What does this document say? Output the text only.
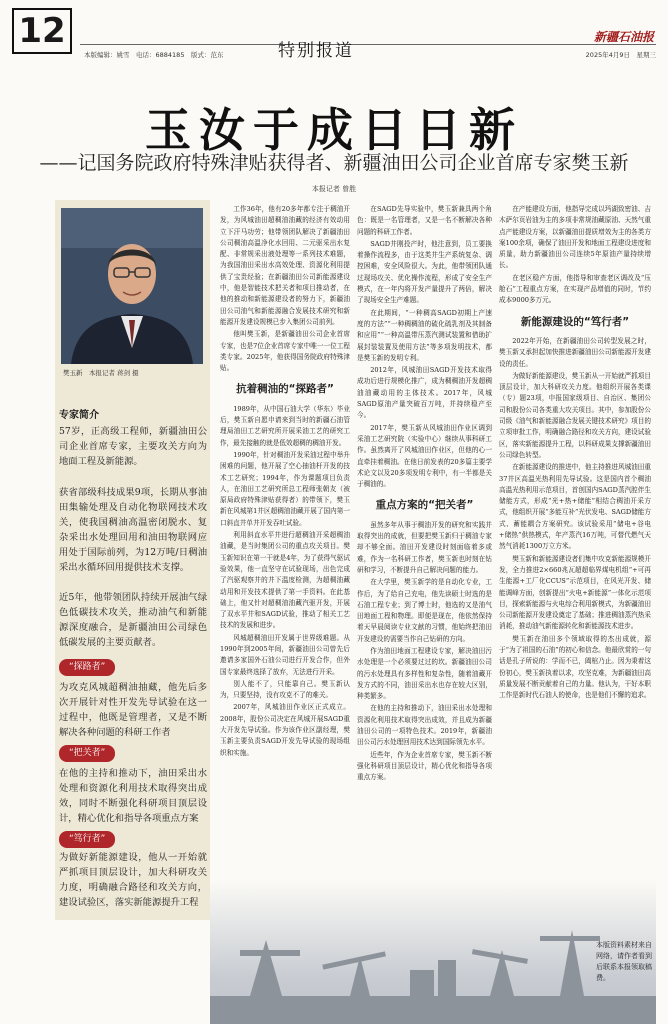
12	特别报道
新疆石油报
本版编辑：姚雪　电话：6884185　版式：范东	2025年4月9日　星期三
玉汝于成日日新
——记国务院政府特殊津贴获得者、新疆油田公司企业首席专家樊玉新
本报记者 曾胜
樊玉新　本报记者 蒋剑 摄
专家简介

57岁，正高级工程师，新疆油田公司企业首席专家，主要攻关方向为地面工程及新能源。

获省部级科技成果9项，长期从事油田集输处理及自动化物联网技术攻关，使我国稠油高温密闭脱水、复杂采出水处理回用和油田物联网应用处于国际前列，为12万吨/日稠油采出水循环回用提供技术支撑。

近5年，他带领团队持续开展油气绿色低碳技术攻关，推动油气和新能源深度融合，是新疆油田公司绿色低碳发展的主要贡献者。

“探路者”

为攻克风城超稠油抽藏，他先后多次开展针对性开发先导试验在这一过程中，他既是管理者，又是不断解决各种问题的科研工作者

“把关者”

在他的主持和推动下，油田采出水处理和资源化利用技术取得突出成效，同时不断强化科研项目顶层设计，精心优化和指导各项重点方案

“笃行者”

为做好新能源建设，他从一开始就严抓项目顶层设计，加大科研攻关力度，明确融合路径和攻关方向，建设试验区，落实新能源提升工程

工作36年，他有20多年都专注于稠油开发，为风城油田超稠油油藏的经济有效动用立下汗马功劳；他带领团队解决了新疆油田公司稠油高温净化水回用、二元驱采出水复配、非常规采出液处理等一系列技术难题，为我国油田采出水高效处理、资源化利用提供了宝贵经验；在新疆油田公司新能源建设中，他是智能技术把关者和项目推动者，在他的推动和新能源建设者的努力下，新疆油田公司油气和新能源融合发展技术研究和新能源开发建设规模已步入集团公司前列。

他叫樊玉新，是新疆油田公司企业首席专家，也是7位企业首席专家中唯一一位工程类专家。2025年，他获得国务院政府特殊津贴。

抗着稠油的“探路者”

1989年，从中国石油大学（华东）毕业后，樊玉新自愿申请来到当时的新疆石油管理局油田工艺研究所开展采油工艺的研究工作，最先接触的就是低效超稠的稠油开发。

1990年，针对稠油开发采油过程中举升困难的问题，他开展了空心抽油杆开发的技术工艺研究；1994年，作为课题项目负责人，在油田工艺研究所总工程师张朝友（被原局政府特殊津贴获得者）的带领下，樊玉新在风城第1井区超稠油油藏开展了国内第一口斜直井单井开发吞吐试验。

利用斜直水平井进行超稠油开采超稠油油藏，是当时集团公司的重点攻关项目。樊玉新知识在第一干就是4年，为了获得气驱试验效果，他一直坚守在试验现场，出色完成了汽驱观察井的井下温度检测，为超稠油藏动用和开发技术提供了第一手资料。在此基础上，他又针对超稠油油藏汽驱开发，开展了双水平井和SAGD试验，推动了相关工艺技术的发展和进步。

风城超稠油田开发属于世界级难题。从1990年到2005年间，新疆油田公司曾先后邀请多家国外石油公司进行开发合作，但外国专家最终选择了放弃，无法进行开采。

别人能不了，只能靠自己。樊玉新认为，只要坚持，没有攻克不了的难关。

2007年，风城油田作业区正式成立。2008年，股份公司决定在风城开展SAGD重大开发先导试验。作为该作业区副经理，樊玉新主要负责SAGD开发先导试验的现场组织和实施。

在SAGD先导实验中，樊玉新兼具两个角色：既是一名管理者，又是一名不断解决各种问题的科研工作者。

SAGD井刚投产时，他注意到，员工要换着操作流程多，由于这类井生产系统复杂、调控困难，安全风险很大。为此，他带领团队通过现场攻关、优化操作流程，形成了安全生产模式，在一年内将开发产量提升了两倍，解决了现场安全生产难题。

在此期间，“一种稠高SAGD初期上产速度的方法”“一种稠稠油的硫化硫乳剂及其制备和应用”“一种高温带压蒸汽测试装置和借助扩展封装装置及使用方法”等多项发明技术，都是樊玉新的发明专利。

2012年，风城油田SAGD开发技术取得成功后进行规模化推广，成为稠稠油开发超稠油油藏动用的主体技术。2017年，风城SAGD原油产量突破百万吨，并持续稳产至今。

2017年，樊玉新从风城油田作业区调到采油工艺研究院（实验中心）继续从事科研工作。虽然离开了风城油田作业区，但他的心一直牵挂着稠油。在他日前发表的20多篇主要学术论文以及20多项发明专利中，有一半都是关于稠油的。

重点方案的“把关者”

虽然多年从事于稠油开发的研究和实践并取得突出的成就，但要把樊玉新归于稠油专家却不够全面。油田开发建设时刻面临着多或难，作为一名科研工作者，樊玉新也时刻在钻研和学习，不断提升自己解决问题的能力。

在大学里，樊玉新学的是自动化专业，工作后，为了给自己充电，他先读硕士时选的是石油工程专业；到了博士时，他选的又是油气田地面工程和物理。即便是现在，他依然保持着天早晨阅读专业文献的习惯，他始终把油田开发建设的需要当作自己钻研的方向。

作为油田地面工程建设专家，解决油田污水处理是一个必须要过过的坎。新疆油田公司的污水处理具有多样性和复杂性，随着油藏开发方式的不同，油田采出水也存在较大区别，种类繁多。

在他的主持和推动下，油田采出水处理和资源化利用技术取得突出成效，并且成为新疆油田公司的一项特色技术。2019年，新疆油田公司污水处理回用技术达到国际领先水平。

近些年，作为企业首席专家，樊玉新不断强化科研项目顶层设计，精心优化和指导各项重点方案。

在产能建设方面，他指导完成以玛湖致密油、吉木萨尔页岩油为主的多项非常规油藏原油、天然气重点产能建设方案，以新疆油田提质增效为主的各类方案100余项，确保了油田开发和地面工程建设进度和质量，助力新疆油田公司连续5年原油产量持续增长。

在老区稳产方面，他指导和审查老区调改及“压舱石”工程重点方案，在实现产品增值的同时，节约成本9000多万元。

新能源建设的“笃行者”

2022年开始，在新疆油田公司转型发展之时，樊玉新又承担起加快推进新疆油田公司新能源开发建设的责任。

为做好新能源建设，樊玉新从一开始就严抓项目顶层设计，加大科研攻关力度。他组织开展各类课（专）题23项，申报国家级项目、自治区、集团公司和股份公司各类重大攻关项目。其中，参加股份公司级《油气和新能源融合发展关键技术研究》项目的立项审批工作，明确融合路径和攻关方向，建设试验区，落实新能源提升工程，以科研成果支撑新疆油田公司绿色转型。

在新能源建设的推进中，他主持推进风城油田重37井区高温光热利用先导试验。这是国内首个稠油高温光热利用示范项目，首创国内SAGD蒸汽腔伴生储能方式，形成“光+热+储能”相结合稠油开采方式，他组织开展“多能互补”光伏发电、SAGD储能方式、蓄能耦合方案研究。该试验采用“储电+谷电+储热”供热模式，年产蒸汽16万吨，可替代燃气天然气消耗1300万立方米。

樊玉新和新能源建设者们集中攻克新能源规模开发，全力推进2×660兆瓦超超临界煤电机组“+可再生能源+工厂化CCUS”示范项目，在风光开发、储能调峰方面，创新提出“火电+新能源”一体化示范项目，探索新能源与火电综合利用新模式，为新疆油田公司新能源开发建设奠定了基础；推进稠油蒸汽热采消耗，推动油气新能源转化和新能源技术进步。

樊玉新在油田多个领域取得的杰出成就，源于“为了祖国的石油”的初心和信念。他最欣赏的一句话是孔子所说的：学而不已，阖棺乃止。因为秉着这份初心，樊玉新执着以求，攻坚克难，为新疆油田高质量发展不断贡献着自己的力量。他认为，干好本职工作是新时代石油人的使命，也是他们不懈的追求。

本版资料素材来自网络，请作者看到后联系本报领取稿费。
